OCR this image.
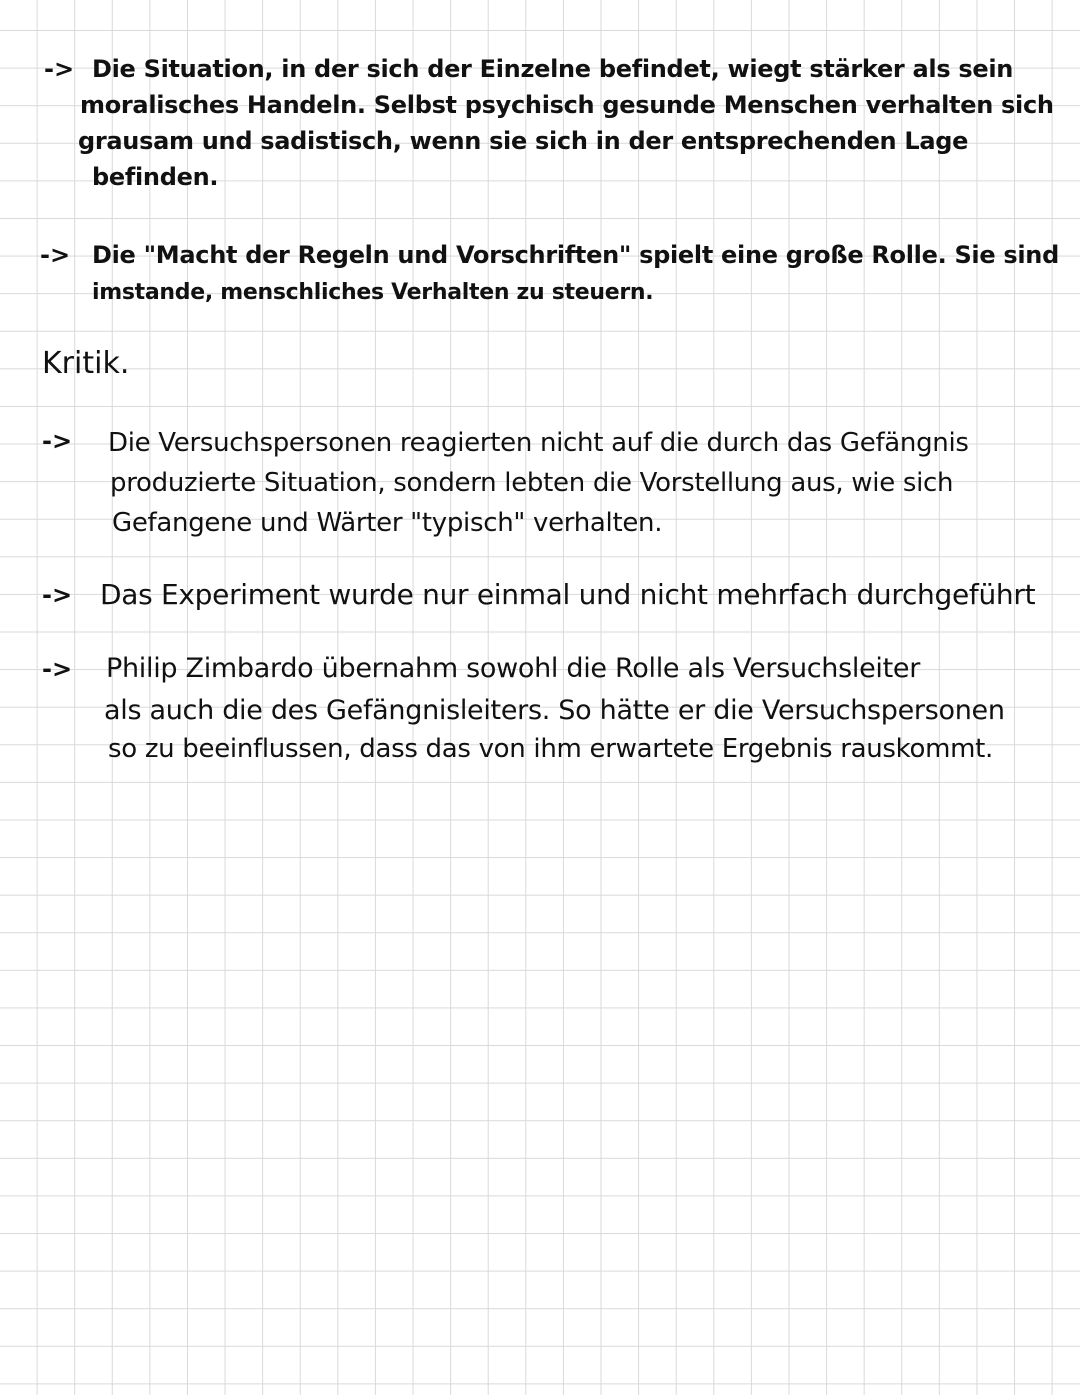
-> Die Situation, in der sich der Einzelne befindet, wiegt stärker als sein
moralisches Handeln. Selbst psychisch gesunde Menschen verhalten sich
grausam und sadistisch, wenn sie sich in der entsprechenden Lage
befinden.
-> Die "Macht der Regeln und Vorschriften" spielt eine große Rolle. Sie sind
imstande, menschliches Verhalten zu steuern.
Kritik.
-> Die Versuchspersonen reagierten nicht auf die durch das Gefängnis
produzierte Situation, sondern lebten die Vorstellung aus, wie sich
Gefangene und Wärter "typisch" verhalten.
-> Das Experiment wurde nur einmal und nicht mehrfach durchgeführt
-> Philip Zimbardo übernahm sowohl die Rolle als Versuchsleiter
als auch die des Gefängnisleiters. So hätte er die Versuchspersonen
so zu beeinflussen, dass das von ihm erwartete Ergebnis rauskommt.
